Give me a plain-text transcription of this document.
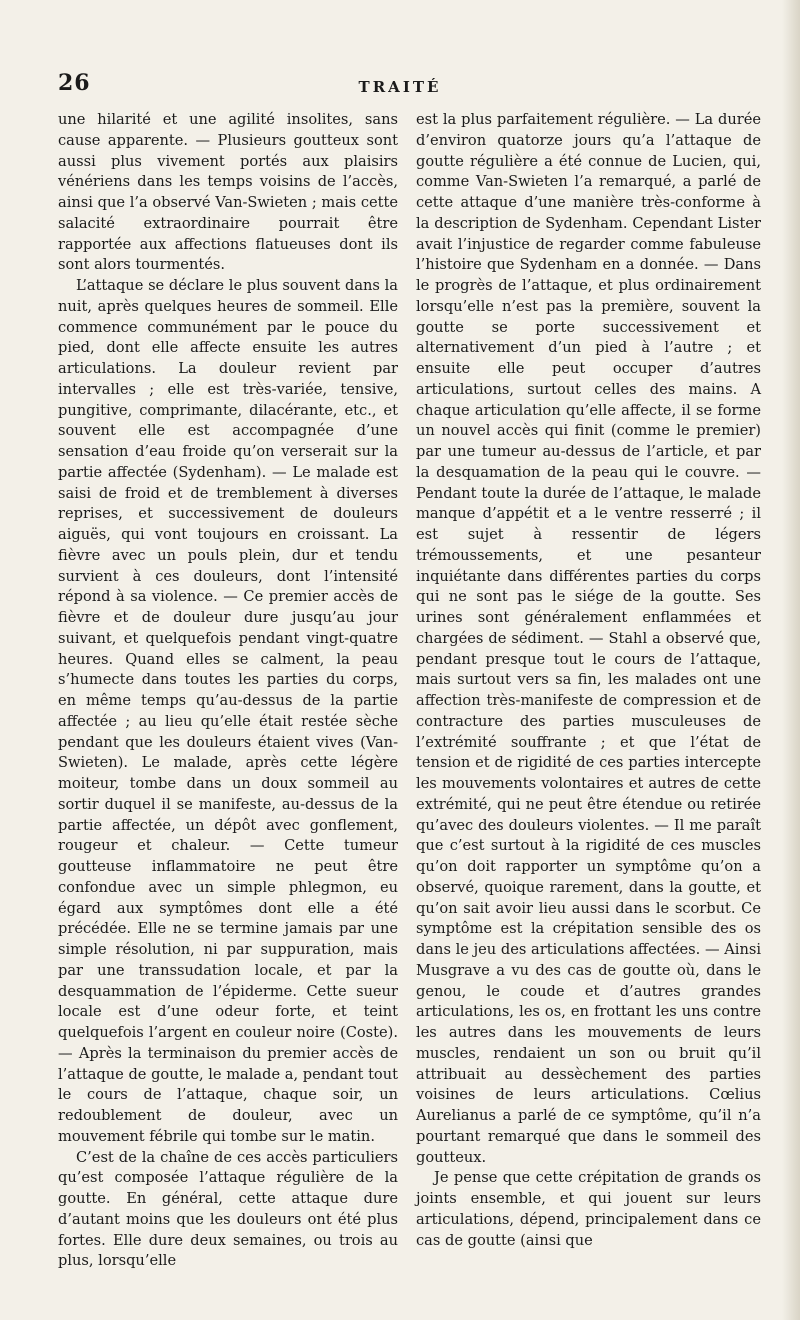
26	TRAITÉ

une hilarité et une agilité insolites, sans cause apparente. — Plusieurs goutteux sont aussi plus vivement portés aux plaisirs vénériens dans les temps voisins de l’accès, ainsi que l’a observé Van-Swieten ; mais cette salacité extraordinaire pourrait être rapportée aux affections flatueuses dont ils sont alors tourmentés.

L’attaque se déclare le plus souvent dans la nuit, après quelques heures de sommeil. Elle commence communément par le pouce du pied, dont elle affecte ensuite les autres articulations. La douleur revient par intervalles ; elle est très-variée, tensive, pungitive, comprimante, dilacérante, etc., et souvent elle est accompagnée d’une sensation d’eau froide qu’on verserait sur la partie affectée (Sydenham). — Le malade est saisi de froid et de tremblement à diverses reprises, et successivement de douleurs aiguës, qui vont toujours en croissant. La fièvre avec un pouls plein, dur et tendu survient à ces douleurs, dont l’intensité répond à sa violence. — Ce premier accès de fièvre et de douleur dure jusqu’au jour suivant, et quelquefois pendant vingt-quatre heures. Quand elles se calment, la peau s’humecte dans toutes les parties du corps, en même temps qu’au-dessus de la partie affectée ; au lieu qu’elle était restée sèche pendant que les douleurs étaient vives (Van-Swieten). Le malade, après cette légère moiteur, tombe dans un doux sommeil au sortir duquel il se manifeste, au-dessus de la partie affectée, un dépôt avec gonflement, rougeur et chaleur. — Cette tumeur goutteuse inflammatoire ne peut être confondue avec un simple phlegmon, eu égard aux symptômes dont elle a été précédée. Elle ne se termine jamais par une simple résolution, ni par suppuration, mais par une transsudation locale, et par la desquammation de l’épiderme. Cette sueur locale est d’une odeur forte, et teint quelquefois l’argent en couleur noire (Coste). — Après la terminaison du premier accès de l’attaque de goutte, le malade a, pendant tout le cours de l’attaque, chaque soir, un redoublement de douleur, avec un mouvement fébrile qui tombe sur le matin.

C’est de la chaîne de ces accès particuliers qu’est composée l’attaque régulière de la goutte. En général, cette attaque dure d’autant moins que les douleurs ont été plus fortes. Elle dure deux semaines, ou trois au plus, lorsqu’elle

est la plus parfaitement régulière. — La durée d’environ quatorze jours qu’a l’attaque de goutte régulière a été connue de Lucien, qui, comme Van-Swieten l’a remarqué, a parlé de cette attaque d’une manière très-conforme à la description de Sydenham. Cependant Lister avait l’injustice de regarder comme fabuleuse l’histoire que Sydenham en a donnée. — Dans le progrès de l’attaque, et plus ordinairement lorsqu’elle n’est pas la première, souvent la goutte se porte successivement et alternativement d’un pied à l’autre ; et ensuite elle peut occuper d’autres articulations, surtout celles des mains. A chaque articulation qu’elle affecte, il se forme un nouvel accès qui finit (comme le premier) par une tumeur au-dessus de l’article, et par la desquamation de la peau qui le couvre. — Pendant toute la durée de l’attaque, le malade manque d’appétit et a le ventre resserré ; il est sujet à ressentir de légers trémoussements, et une pesanteur inquiétante dans différentes parties du corps qui ne sont pas le siége de la goutte. Ses urines sont généralement enflammées et chargées de sédiment. — Stahl a observé que, pendant presque tout le cours de l’attaque, mais surtout vers sa fin, les malades ont une affection très-manifeste de compression et de contracture des parties musculeuses de l’extrémité souffrante ; et que l’état de tension et de rigidité de ces parties intercepte les mouvements volontaires et autres de cette extrémité, qui ne peut être étendue ou retirée qu’avec des douleurs violentes. — Il me paraît que c’est surtout à la rigidité de ces muscles qu’on doit rapporter un symptôme qu’on a observé, quoique rarement, dans la goutte, et qu’on sait avoir lieu aussi dans le scorbut. Ce symptôme est la crépitation sensible des os dans le jeu des articulations affectées. — Ainsi Musgrave a vu des cas de goutte où, dans le genou, le coude et d’autres grandes articulations, les os, en frottant les uns contre les autres dans les mouvements de leurs muscles, rendaient un son ou bruit qu’il attribuait au dessèchement des parties voisines de leurs articulations. Cœlius Aurelianus a parlé de ce symptôme, qu’il n’a pourtant remarqué que dans le sommeil des goutteux.

Je pense que cette crépitation de grands os joints ensemble, et qui jouent sur leurs articulations, dépend, principalement dans ce cas de goutte (ainsi que
